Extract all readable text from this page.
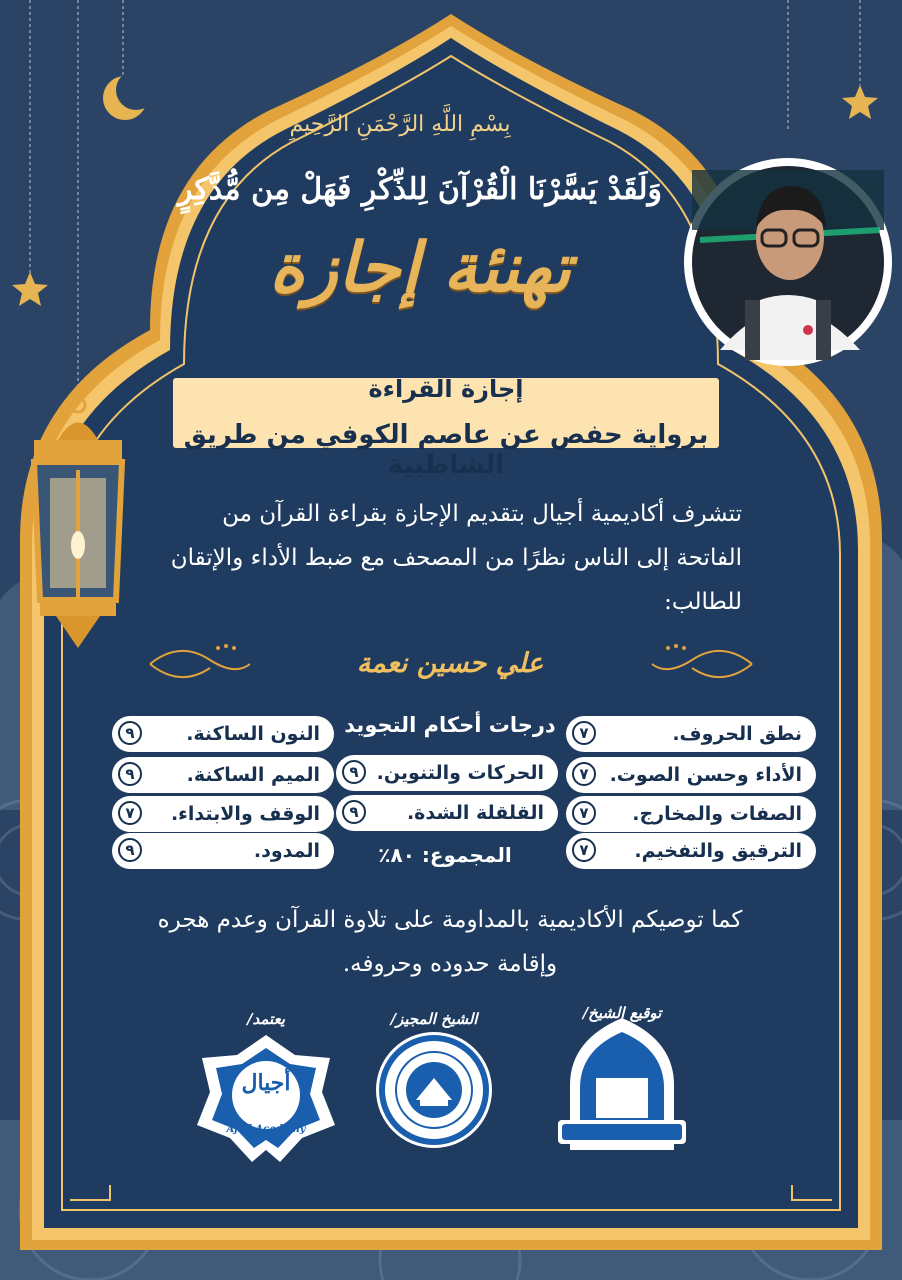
أجيال
بِسْمِ اللَّهِ الرَّحْمَنِ الرَّحِيمِ
وَلَقَدْ يَسَّرْنَا الْقُرْآنَ لِلذِّكْرِ فَهَلْ مِن مُّدَّكِرٍ
تهنئة إجازة
إجازة القراءة
برواية حفص عن عاصم الكوفي من طريق الشاطبية
تتشرف أكاديمية أجيال بتقديم الإجازة بقراءة القرآن من الفاتحة إلى الناس نظرًا من المصحف مع ضبط الأداء والإتقان للطالب:
علي حسين نعمة
نطق الحروف.
٧
الأداء وحسن الصوت.
٧
الصفات والمخارج.
٧
الترقيق والتفخيم.
٧
درجات أحكام التجويد
الحركات والتنوين.
٩
القلقلة الشدة.
٩
المجموع: ٨٠٪
النون الساكنة.
٩
الميم الساكنة.
٩
الوقف والابتداء.
٧
المدود.
٩
كما توصيكم الأكاديمية بالمداومة على تلاوة القرآن وعدم هجره وإقامة حدوده وحروفه.
يعتمد/	الشيخ المجيز/	توقيع الشيخ/
Ajial Academy
